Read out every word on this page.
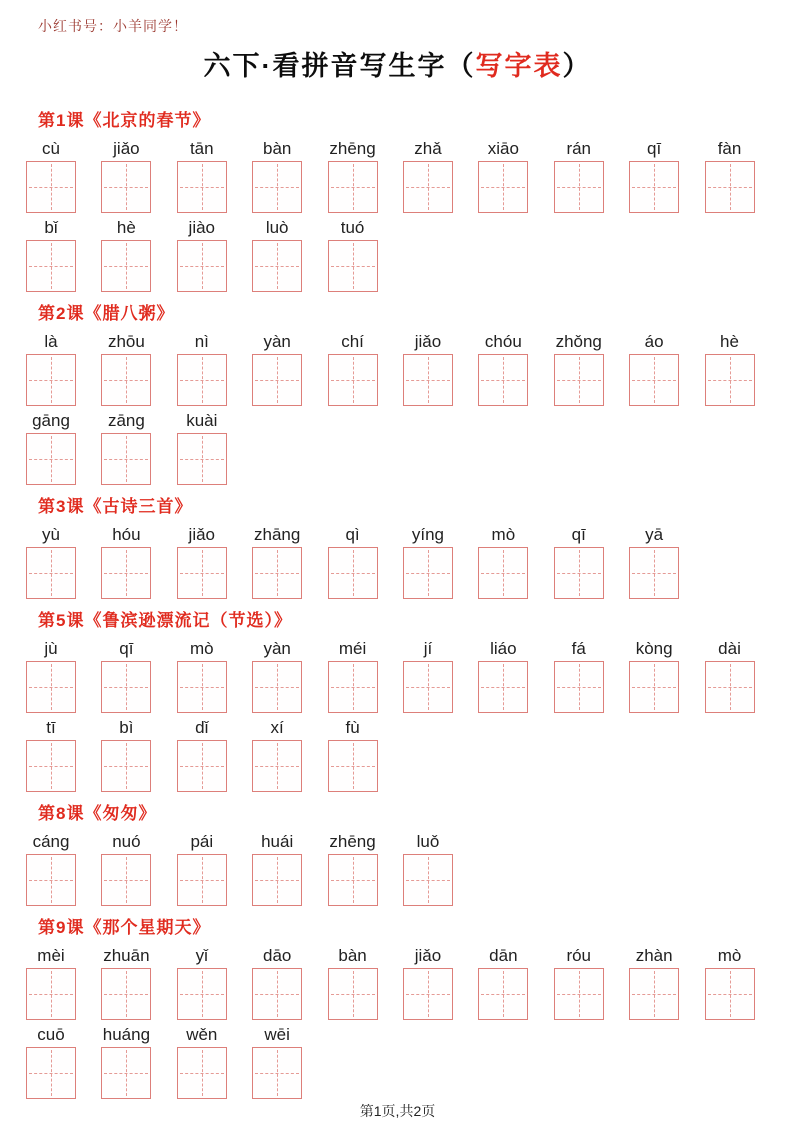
小红书号：小羊同学！
六下·看拼音写生字（写字表）
第1课《北京的春节》
cù	jiǎo	tān	bàn zhēng zhǎ	xiāo	rán	qī	fàn
bǐ	hè	jiào	luò	tuó
第2课《腊八粥》
là	zhōu	nì	yàn	chí	jiǎo	chóu zhǒng	áo	hè
gāng zāng kuài
第3课《古诗三首》
yù	hóu	jiǎo zhāng	qì	yíng	mò	qī	yā
第5课《鲁滨逊漂流记（节选）》
jù	qī	mò	yàn	méi	jí	liáo	fá	kòng	dài
tī	bì	dǐ	xí	fù
第8课《匆匆》
cáng	nuó	pái	huái zhēng luǒ
第9课《那个星期天》
mèi zhuān	yǐ	dāo	bàn	jiǎo	dān	róu	zhàn	mò
cuō huáng wěn	wēi
第1页,共2页
